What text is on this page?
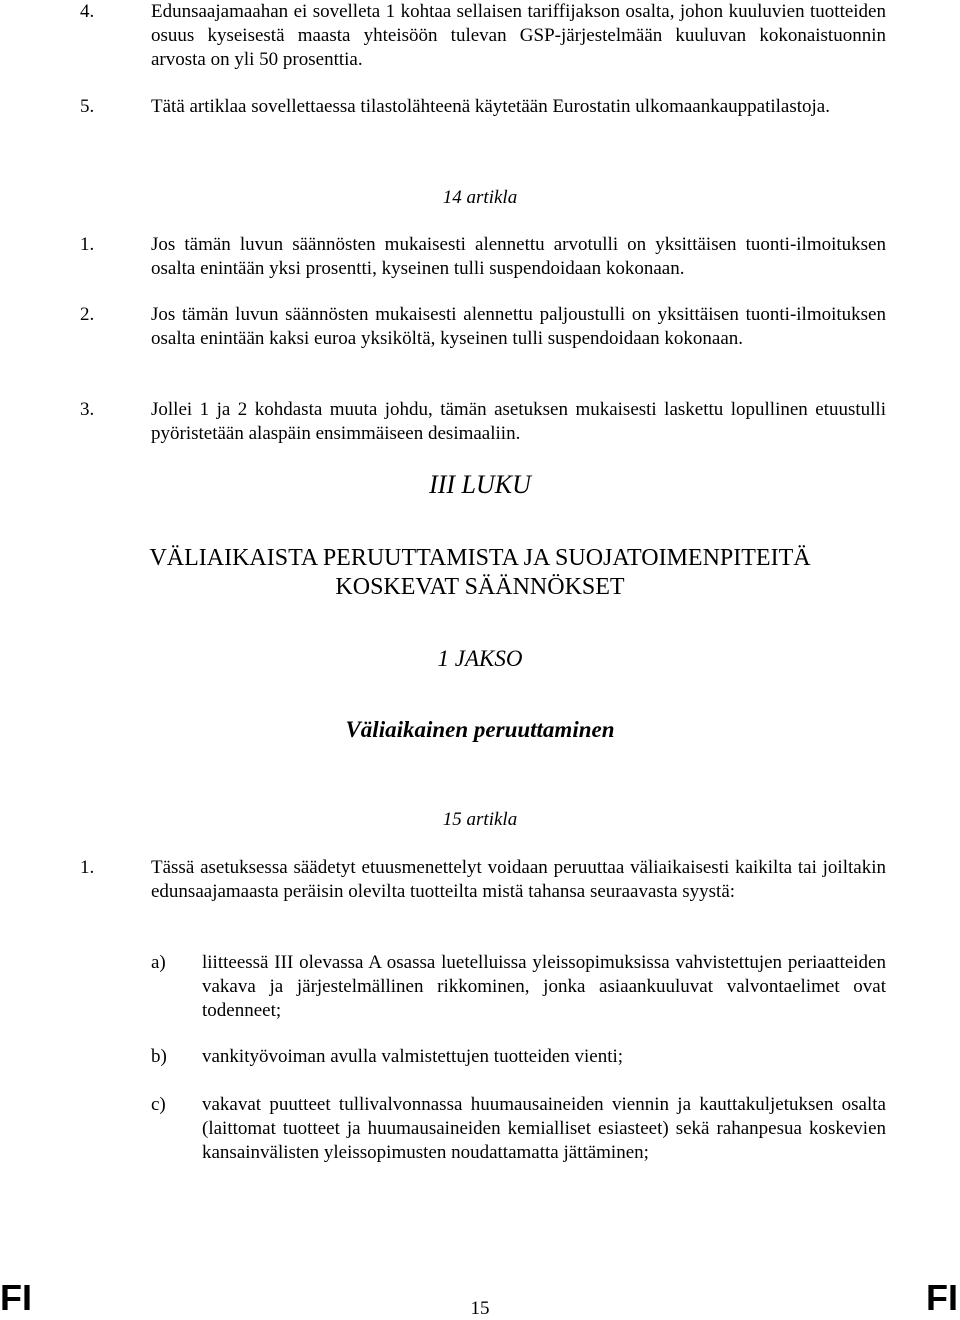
4.	Edunsaajamaahan ei sovelleta 1 kohtaa sellaisen tariffijakson osalta, johon kuuluvien tuotteiden osuus kyseisestä maasta yhteisöön tulevan GSP-järjestelmään kuuluvan kokonaistuonnin arvosta on yli 50 prosenttia.
5.	Tätä artiklaa sovellettaessa tilastolähteenä käytetään Eurostatin ulkomaankauppatilastoja.
14 artikla
1.	Jos tämän luvun säännösten mukaisesti alennettu arvotulli on yksittäisen tuonti-ilmoituksen osalta enintään yksi prosentti, kyseinen tulli suspendoidaan kokonaan.
2.	Jos tämän luvun säännösten mukaisesti alennettu paljoustulli on yksittäisen tuonti-ilmoituksen osalta enintään kaksi euroa yksiköltä, kyseinen tulli suspendoidaan kokonaan.
3.	Jollei 1 ja 2 kohdasta muuta johdu, tämän asetuksen mukaisesti laskettu lopullinen etuustulli pyöristetään alaspäin ensimmäiseen desimaaliin.
III LUKU
VÄLIAIKAISTA PERUUTTAMISTA JA SUOJATOIMENPITEITÄ
KOSKEVAT SÄÄNNÖKSET
1 JAKSO
Väliaikainen peruuttaminen
15 artikla
1.	Tässä asetuksessa säädetyt etuusmenettelyt voidaan peruuttaa väliaikaisesti kaikilta tai joiltakin edunsaajamaasta peräisin olevilta tuotteilta mistä tahansa seuraavasta syystä:
a) liitteessä III olevassa A osassa luetelluissa yleissopimuksissa vahvistettujen periaatteiden vakava ja järjestelmällinen rikkominen, jonka asiaankuuluvat valvontaelimet ovat todenneet;
b) vankityövoiman avulla valmistettujen tuotteiden vienti;
c) vakavat puutteet tullivalvonnassa huumausaineiden viennin ja kauttakuljetuksen osalta (laittomat tuotteet ja huumausaineiden kemialliset esiasteet) sekä rahanpesua koskevien kansainvälisten yleissopimusten noudattamatta jättäminen;
FI	15	FI
